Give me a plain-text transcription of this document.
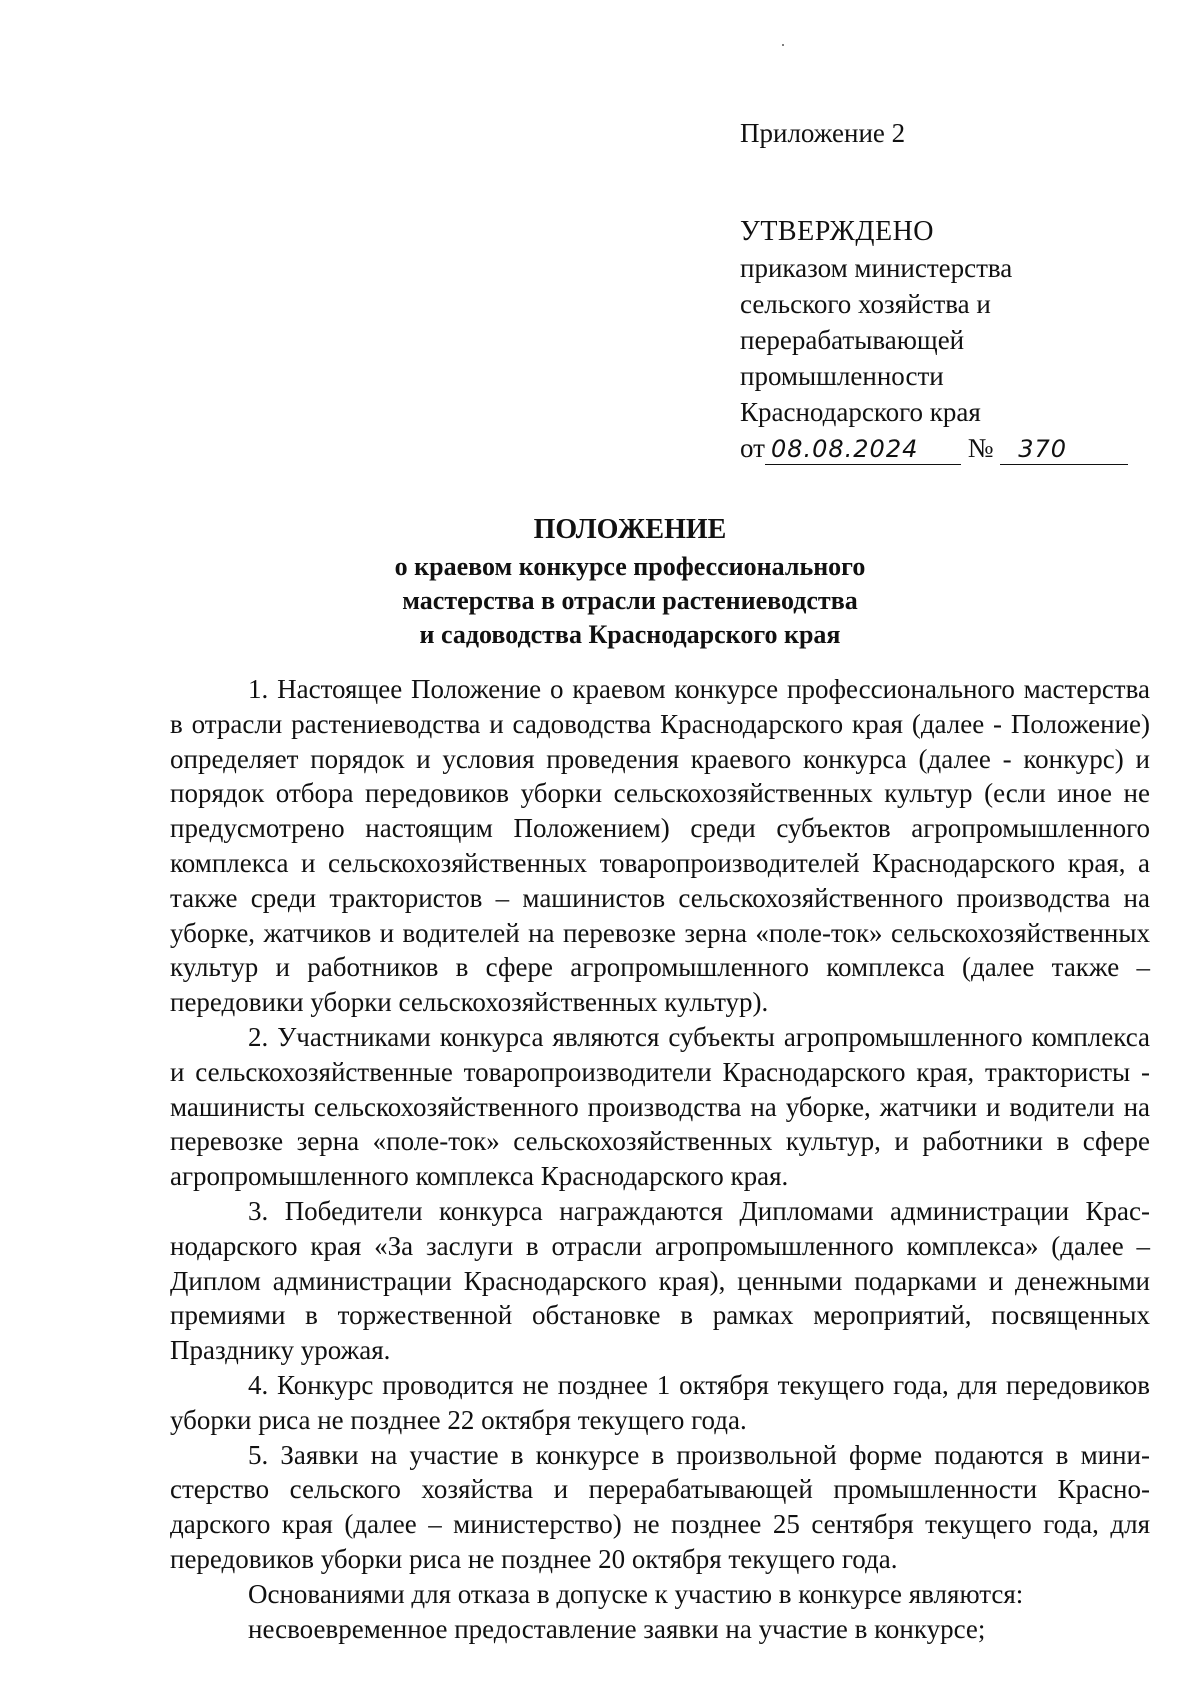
Приложение 2
УТВЕРЖДЕНО
приказом министерства
сельского хозяйства и
перерабатывающей
промышленности
Краснодарского края
от 08.08.2024 № 370
ПОЛОЖЕНИЕ
о краевом конкурсе профессионального
мастерства в отрасли растениеводства
и садоводства Краснодарского края

1. Настоящее Положение о краевом конкурсе профессионального мастерства в отрасли растениеводства и садоводства Краснодарского края (далее - Положение) определяет порядок и условия проведения краевого конкурса (далее - конкурс) и порядок отбора передовиков уборки сельскохозяйственных культур (если иное не предусмотрено настоящим Положением) среди субъектов агропромышленного комплекса и сельскохозяйственных товаропроизводителей Краснодарского края, а также среди трактористов – машинистов сельскохозяйственного производства на уборке, жатчиков и водителей на перевозке зерна «поле-ток» сельскохозяйственных культур и работников в сфере агропромышленного комплекса (далее также – передовики уборки сельскохозяйственных культур).

2. Участниками конкурса являются субъекты агропромышленного комплекса и сельскохозяйственные товаропроизводители Краснодарского края, трактористы - машинисты сельскохозяйственного производства на уборке, жатчики и водители на перевозке зерна «поле-ток» сельскохозяйственных культур, и работники в сфере агропромышленного комплекса Краснодарского края.

3. Победители конкурса награждаются Дипломами администрации Краснодарского края «За заслуги в отрасли агропромышленного комплекса» (далее – Диплом администрации Краснодарского края), ценными подарками и денежными премиями в торжественной обстановке в рамках мероприятий, посвященных Празднику урожая.

4. Конкурс проводится не позднее 1 октября текущего года, для передовиков уборки риса не позднее 22 октября текущего года.

5. Заявки на участие в конкурсе в произвольной форме подаются в министерство сельского хозяйства и перерабатывающей промышленности Краснодарского края (далее – министерство) не позднее 25 сентября текущего года, для передовиков уборки риса не позднее 20 октября текущего года.

Основаниями для отказа в допуске к участию в конкурсе являются:

несвоевременное предоставление заявки на участие в конкурсе;
